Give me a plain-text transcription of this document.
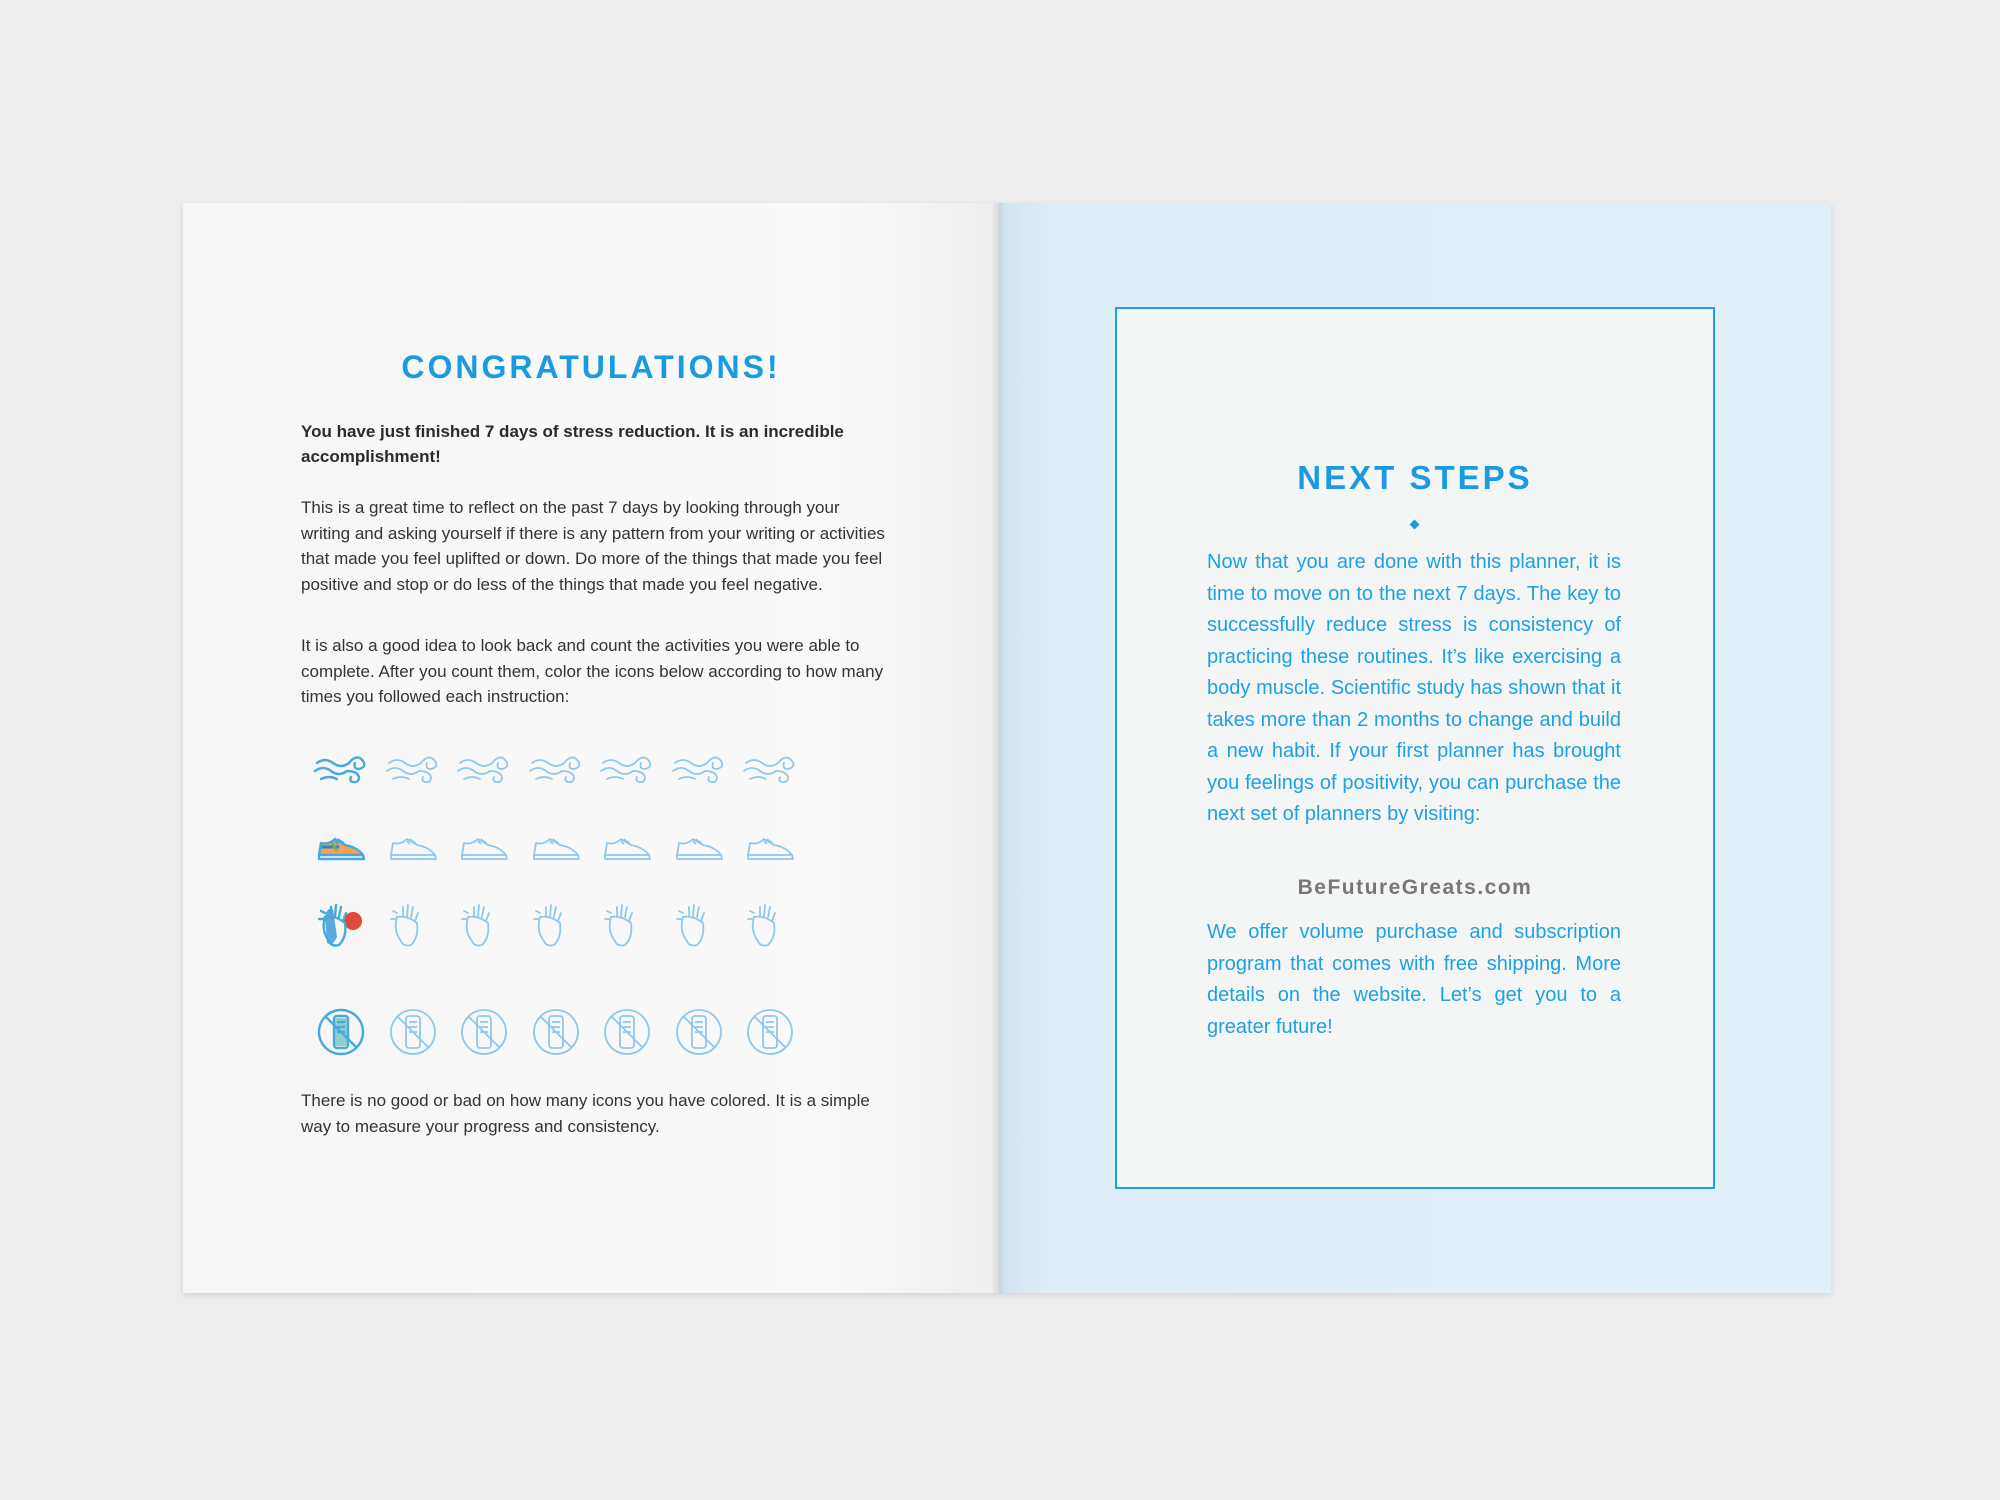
CONGRATULATIONS!
You have just finished 7 days of stress reduction. It is an incredible accomplishment!
This is a great time to reflect on the past 7 days by looking through your writing and asking yourself if there is any pattern from your writing or activities that made you feel uplifted or down. Do more of the things that made you feel positive and stop or do less of the things that made you feel negative.
It is also a good idea to look back and count the activities you were able to complete. After you count them, color the icons below according to how many times you followed each instruction:
There is no good or bad on how many icons you have colored. It is a simple way to measure your progress and consistency.
NEXT STEPS
Now that you are done with this planner, it is time to move on to the next 7 days. The key to successfully reduce stress is consistency of practicing these routines. It’s like exercising a body muscle. Scientific study has shown that it takes more than 2 months to change and build a new habit. If your first planner has brought you feelings of positivity, you can purchase the next set of planners by visiting:
BeFutureGreats.com
We offer volume purchase and subscription program that comes with free shipping. More details on the website. Let’s get you to a greater future!
